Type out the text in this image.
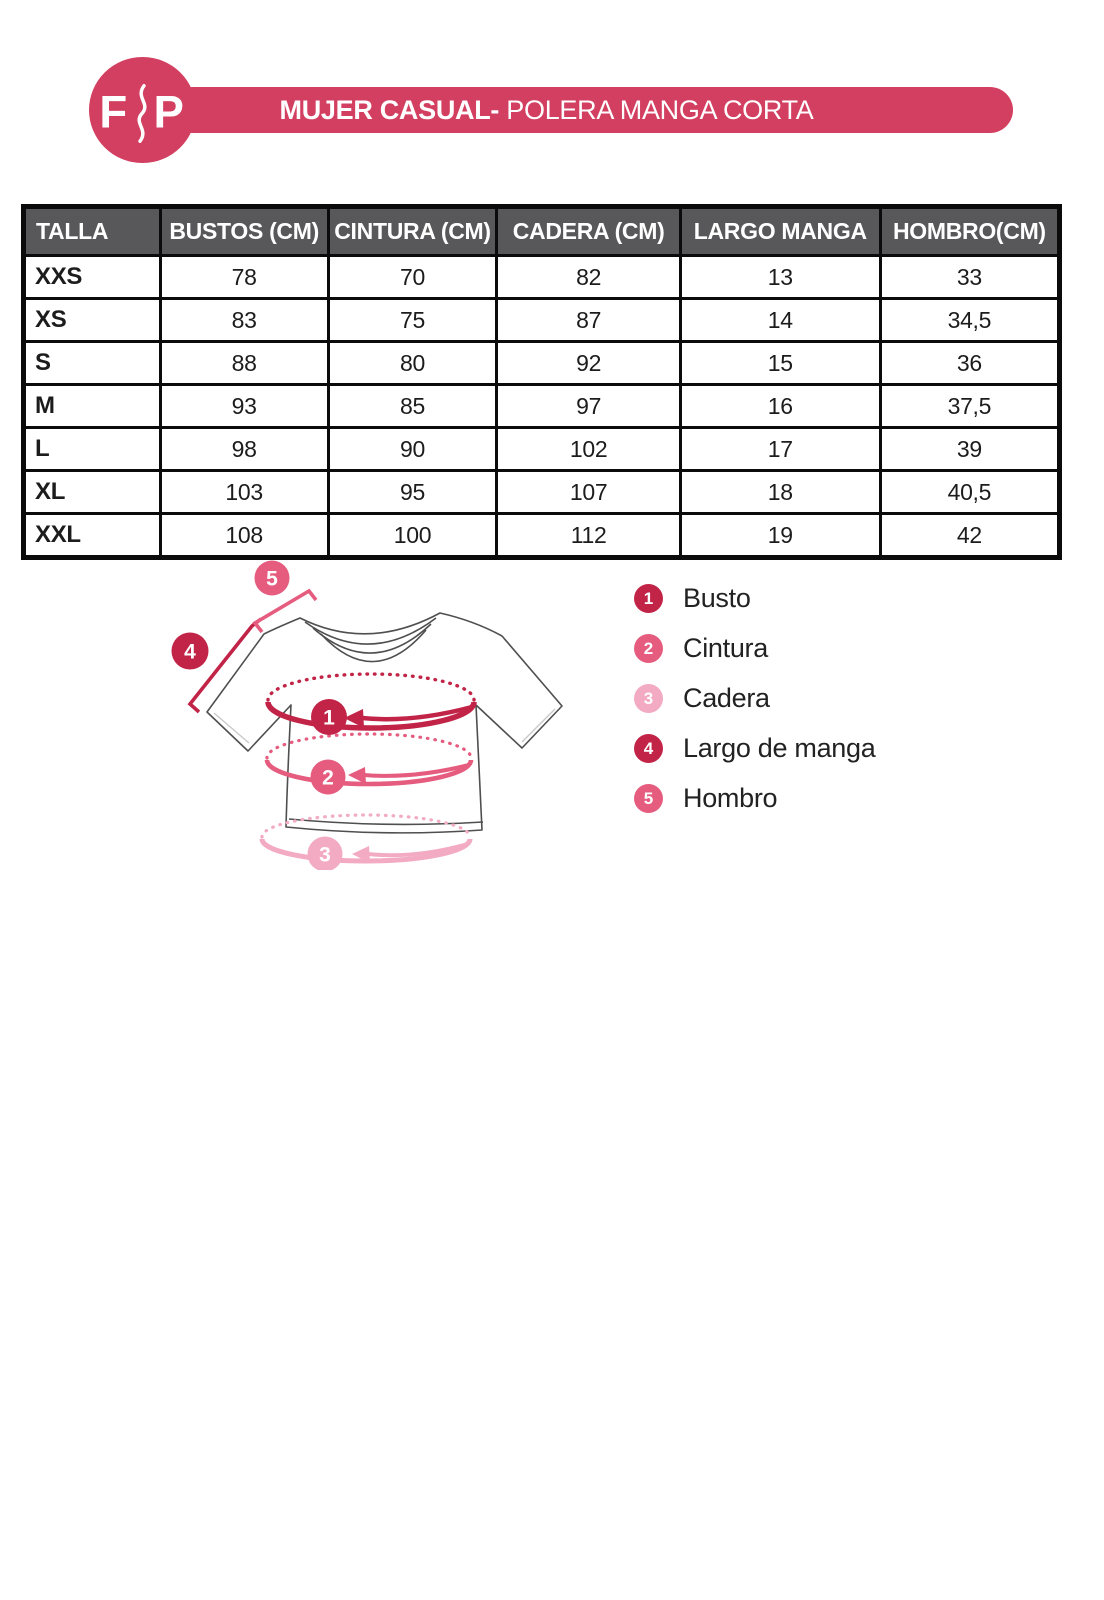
MUJER CASUAL- POLERA MANGA CORTA
F P
TALLA	BUSTOS (CM)	CINTURA (CM)	CADERA (CM)	LARGO MANGA	HOMBRO(CM)
XXS	78	70	82	13	33
XS	83	75	87	14	34,5
S	88	80	92	15	36
M	93	85	97	16	37,5
L	98	90	102	17	39
XL	103	95	107	18	40,5
XXL	108	100	112	19	42
1
2
3
4
5
1	Busto
2	Cintura
3	Cadera
4	Largo de manga
5	Hombro
